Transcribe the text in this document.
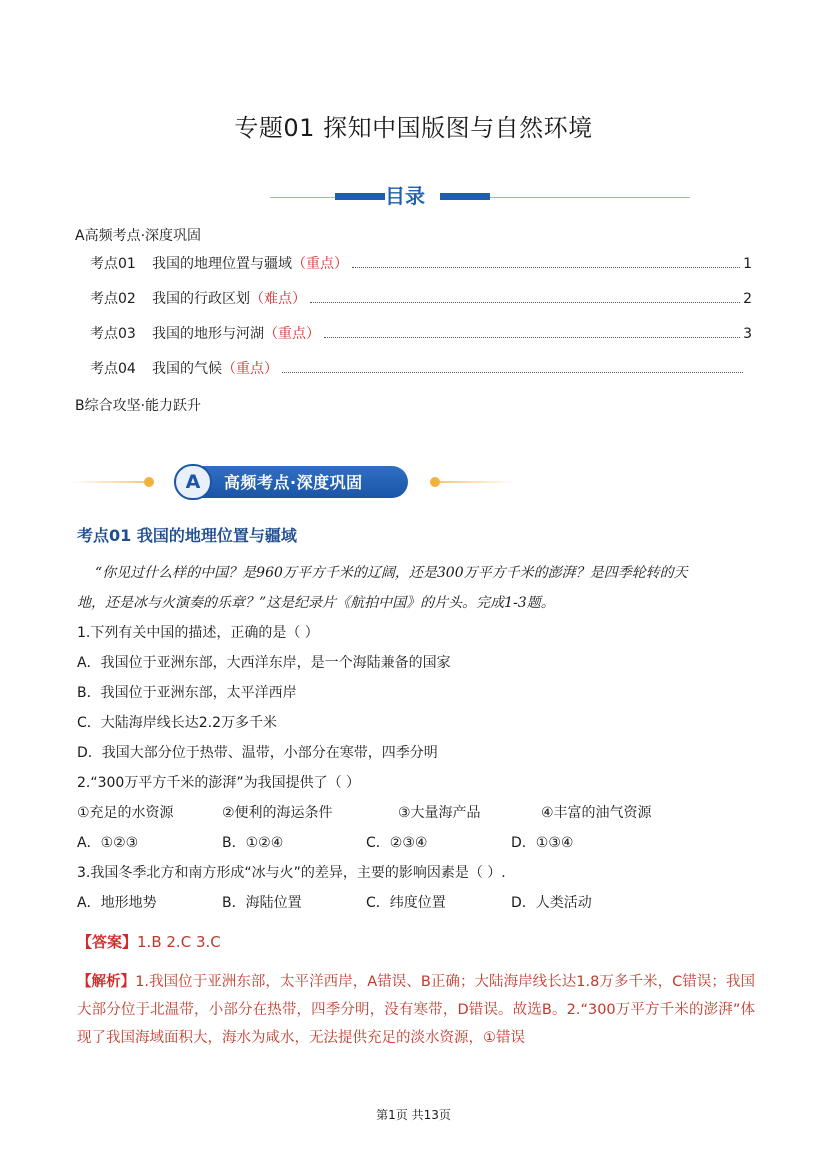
专题01 探知中国版图与自然环境
目录
A高频考点·深度巩固
考点01	我国的地理位置与疆域 （重点）	1
考点02	我国的行政区划 （难点）	2
考点03	我国的地形与河湖 （重点）	3
考点04	我国的气候 （重点）
B综合攻坚·能力跃升
A	高频考点·深度巩固
考点01 我国的地理位置与疆域
“你见过什么样的中国？是960万平方千米的辽阔，还是300万平方千米的澎湃？是四季轮转的天
地，还是冰与火演奏的乐章？”这是纪录片《航拍中国》的片头。完成1-3题。
1.下列有关中国的描述，正确的是（ ）
A．我国位于亚洲东部，大西洋东岸，是一个海陆兼备的国家
B．我国位于亚洲东部，太平洋西岸
C．大陆海岸线长达2.2万多千米
D．我国大部分位于热带、温带，小部分在寒带，四季分明
2.“300万平方千米的澎湃”为我国提供了（ ）
①充足的水资源	②便利的海运条件	③大量海产品	④丰富的油气资源
A．①②③	B．①②④	C．②③④	D．①③④
3.我国冬季北方和南方形成“冰与火”的差异，主要的影响因素是（ ）.
A．地形地势	B．海陆位置	C．纬度位置	D．人类活动
【答案】1.B 2.C 3.C
【解析】1.我国位于亚洲东部，太平洋西岸，A错误、B正确；大陆海岸线长达1.8万多千米，C错误；我国大部分位于北温带，小部分在热带，四季分明，没有寒带，D错误。故选B。2.“300万平方千米的澎湃”体现了我国海域面积大，海水为咸水，无法提供充足的淡水资源，①错误
第1页 共13页
